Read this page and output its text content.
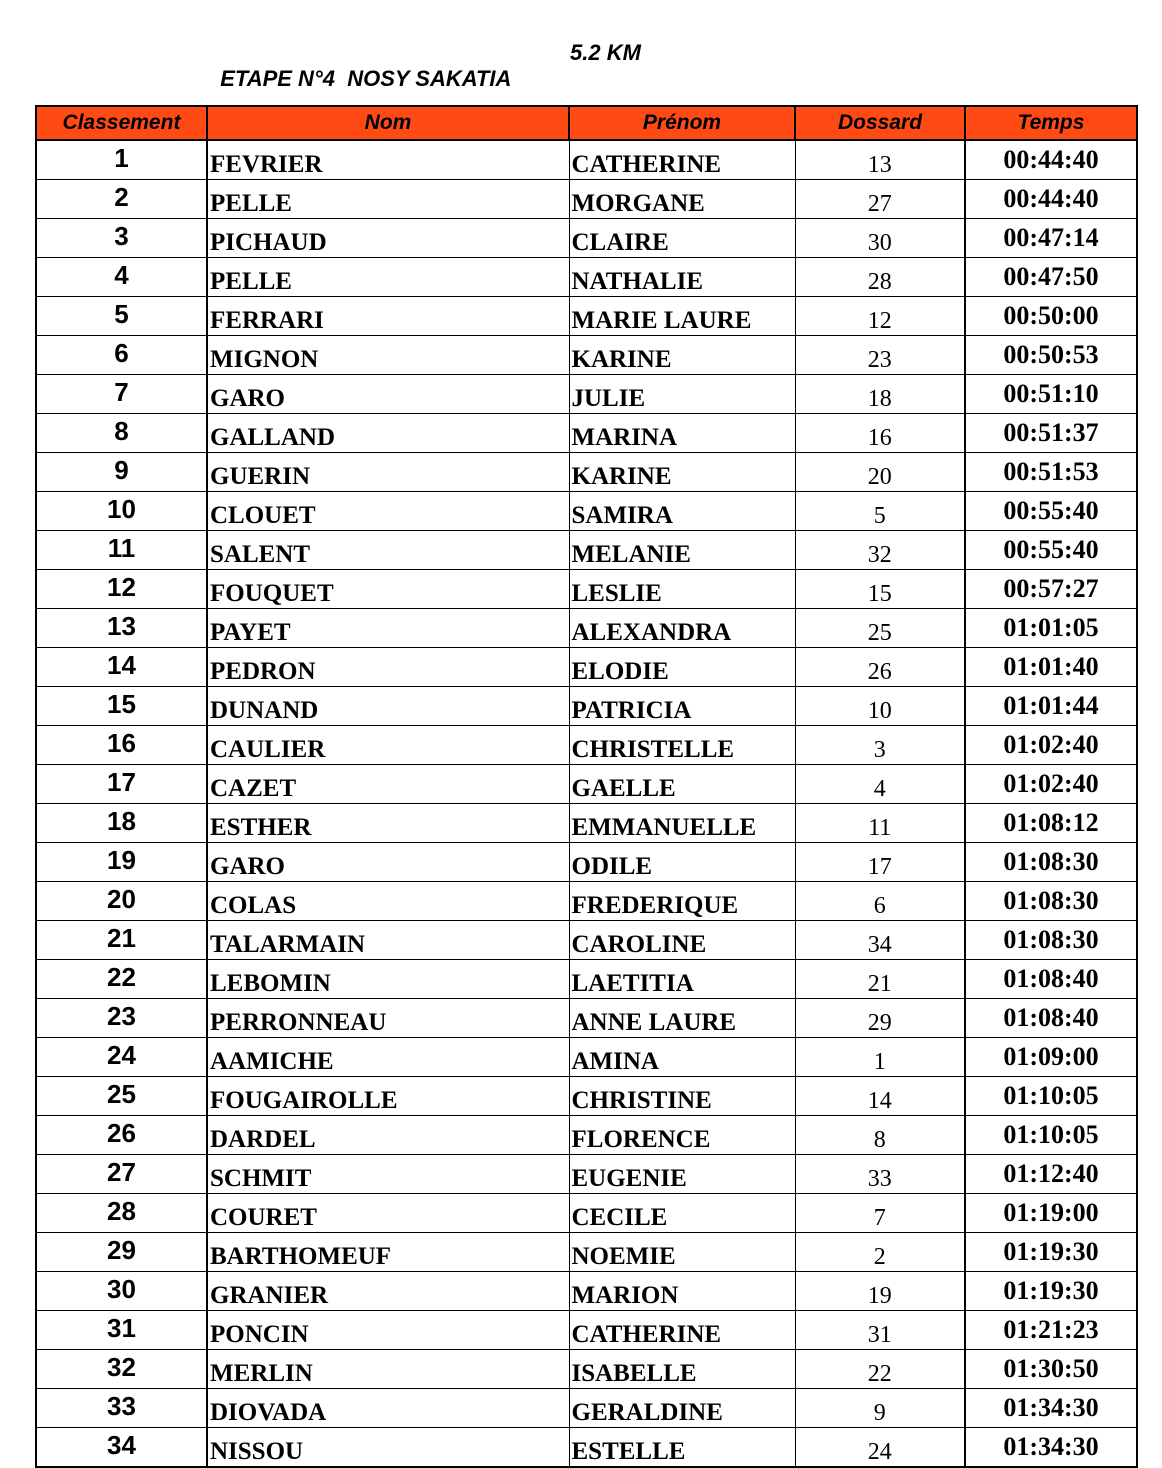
ETAPE N°4  NOSY SAKATIA

5.2 KM

Classement	Nom	Prénom	Dossard	Temps
1	FEVRIER	CATHERINE	13	00:44:40
2	PELLE	MORGANE	27	00:44:40
3	PICHAUD	CLAIRE	30	00:47:14
4	PELLE	NATHALIE	28	00:47:50
5	FERRARI	MARIE LAURE	12	00:50:00
6	MIGNON	KARINE	23	00:50:53
7	GARO	JULIE	18	00:51:10
8	GALLAND	MARINA	16	00:51:37
9	GUERIN	KARINE	20	00:51:53
10	CLOUET	SAMIRA	5	00:55:40
11	SALENT	MELANIE	32	00:55:40
12	FOUQUET	LESLIE	15	00:57:27
13	PAYET	ALEXANDRA	25	01:01:05
14	PEDRON	ELODIE	26	01:01:40
15	DUNAND	PATRICIA	10	01:01:44
16	CAULIER	CHRISTELLE	3	01:02:40
17	CAZET	GAELLE	4	01:02:40
18	ESTHER	EMMANUELLE	11	01:08:12
19	GARO	ODILE	17	01:08:30
20	COLAS	FREDERIQUE	6	01:08:30
21	TALARMAIN	CAROLINE	34	01:08:30
22	LEBOMIN	LAETITIA	21	01:08:40
23	PERRONNEAU	ANNE LAURE	29	01:08:40
24	AAMICHE	AMINA	1	01:09:00
25	FOUGAIROLLE	CHRISTINE	14	01:10:05
26	DARDEL	FLORENCE	8	01:10:05
27	SCHMIT	EUGENIE	33	01:12:40
28	COURET	CECILE	7	01:19:00
29	BARTHOMEUF	NOEMIE	2	01:19:30
30	GRANIER	MARION	19	01:19:30
31	PONCIN	CATHERINE	31	01:21:23
32	MERLIN	ISABELLE	22	01:30:50
33	DIOVADA	GERALDINE	9	01:34:30
34	NISSOU	ESTELLE	24	01:34:30
